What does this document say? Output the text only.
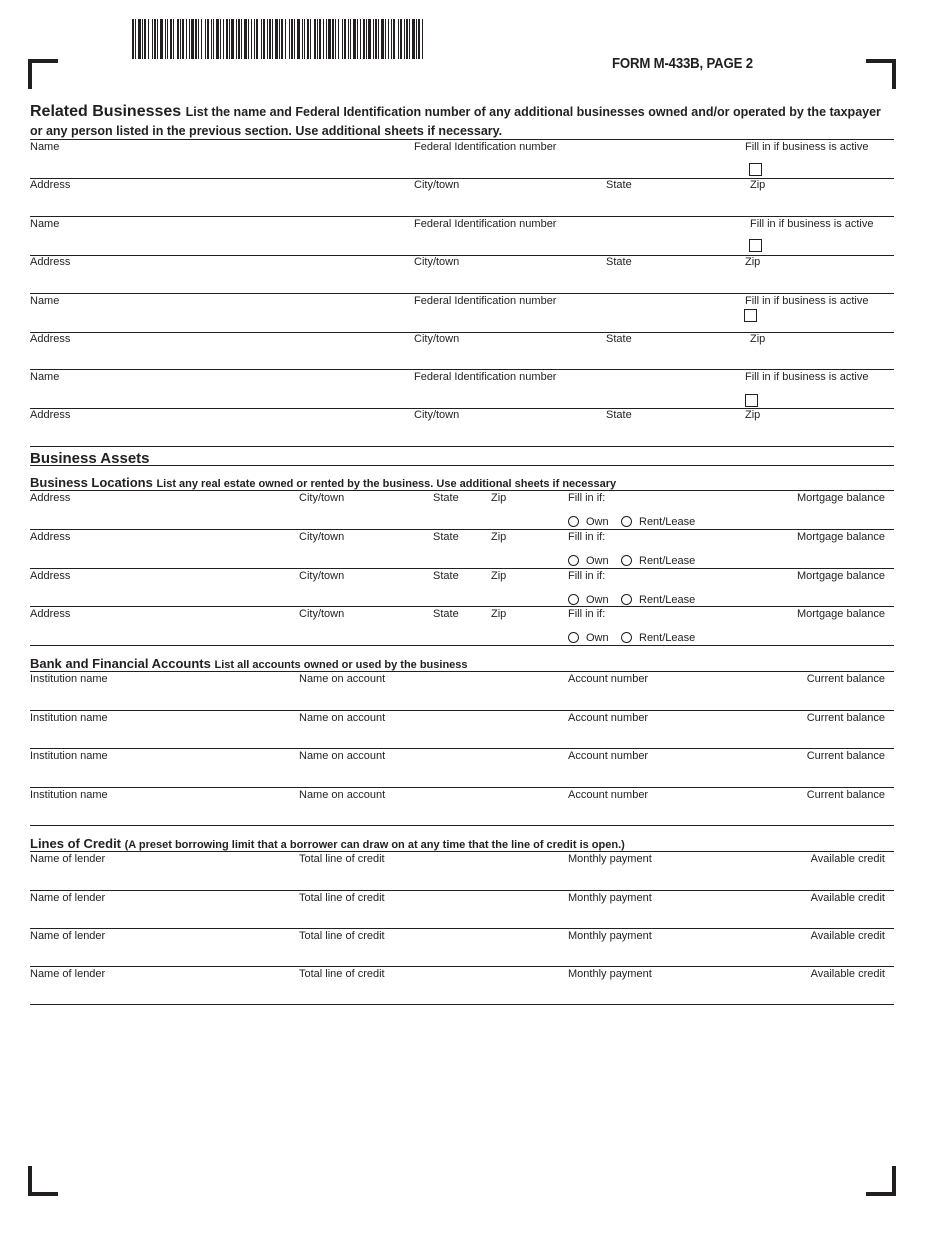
FORM M-433B, PAGE 2
Related Businesses List the name and Federal Identification number of any additional businesses owned and/or operated by the taxpayer
or any person listed in the previous section. Use additional sheets if necessary.
Name	Federal Identification number	Fill in if business is active
Address	City/town	State	Zip
Name	Federal Identification number	Fill in if business is active
Address	City/town	State	Zip
Name	Federal Identification number	Fill in if business is active
Address	City/town	State	Zip
Name	Federal Identification number	Fill in if business is active
Address	City/town	State	Zip
Business Assets
Business Locations List any real estate owned or rented by the business. Use additional sheets if necessary
Address	City/town	State	Zip	Fill in if:	Mortgage balance
Own	Rent/Lease
Address	City/town	State	Zip	Fill in if:	Mortgage balance
Own	Rent/Lease
Address	City/town	State	Zip	Fill in if:	Mortgage balance
Own	Rent/Lease
Address	City/town	State	Zip	Fill in if:	Mortgage balance
Own	Rent/Lease
Bank and Financial Accounts List all accounts owned or used by the business
Institution name	Name on account	Account number	Current balance
Institution name	Name on account	Account number	Current balance
Institution name	Name on account	Account number	Current balance
Institution name	Name on account	Account number	Current balance
Lines of Credit (A preset borrowing limit that a borrower can draw on at any time that the line of credit is open.)
Name of lender	Total line of credit	Monthly payment	Available credit
Name of lender	Total line of credit	Monthly payment	Available credit
Name of lender	Total line of credit	Monthly payment	Available credit
Name of lender	Total line of credit	Monthly payment	Available credit
